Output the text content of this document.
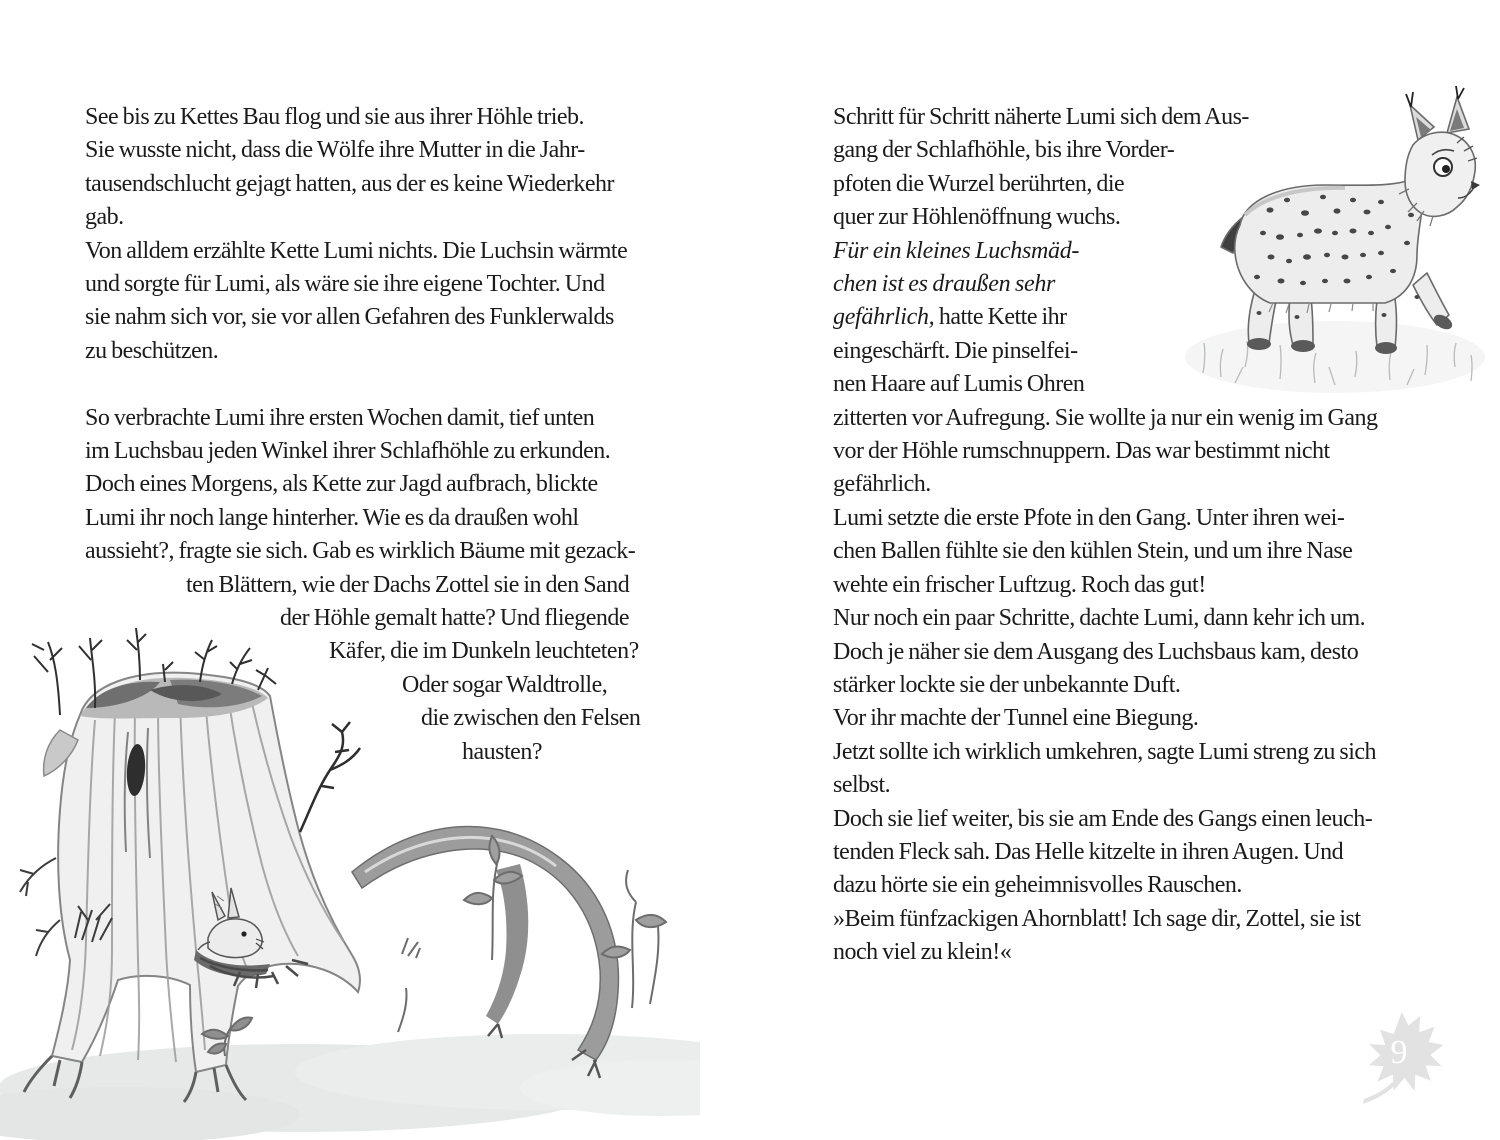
See bis zu Kettes Bau flog und sie aus ihrer Höhle trieb.
Sie wusste nicht, dass die Wölfe ihre Mutter in die Jahr-
tausendschlucht gejagt hatten, aus der es keine Wiederkehr
gab.
Von alldem erzählte Kette Lumi nichts. Die Luchsin wärmte
und sorgte für Lumi, als wäre sie ihre eigene Tochter. Und
sie nahm sich vor, sie vor allen Gefahren des Funklerwalds
zu beschützen.
So verbrachte Lumi ihre ersten Wochen damit, tief unten
im Luchsbau jeden Winkel ihrer Schlafhöhle zu erkunden.
Doch eines Morgens, als Kette zur Jagd aufbrach, blickte
Lumi ihr noch lange hinterher. Wie es da draußen wohl
aussieht?, fragte sie sich. Gab es wirklich Bäume mit gezack-
ten Blättern, wie der Dachs Zottel sie in den Sand
der Höhle gemalt hatte? Und fliegende
Käfer, die im Dunkeln leuchteten?
Oder sogar Waldtrolle,
die zwischen den Felsen
hausten?
Schritt für Schritt näherte Lumi sich dem Aus-
gang der Schlafhöhle, bis ihre Vorder-
pfoten die Wurzel berührten, die
quer zur Höhlenöffnung wuchs.
Für ein kleines Luchsmäd-
chen ist es draußen sehr
gefährlich, hatte Kette ihr
eingeschärft. Die pinselfei-
nen Haare auf Lumis Ohren
zitterten vor Aufregung. Sie wollte ja nur ein wenig im Gang
vor der Höhle rumschnuppern. Das war bestimmt nicht
gefährlich.
Lumi setzte die erste Pfote in den Gang. Unter ihren wei-
chen Ballen fühlte sie den kühlen Stein, und um ihre Nase
wehte ein frischer Luftzug. Roch das gut!
Nur noch ein paar Schritte, dachte Lumi, dann kehr ich um.
Doch je näher sie dem Ausgang des Luchsbaus kam, desto
stärker lockte sie der unbekannte Duft.
Vor ihr machte der Tunnel eine Biegung.
Jetzt sollte ich wirklich umkehren, sagte Lumi streng zu sich
selbst.
Doch sie lief weiter, bis sie am Ende des Gangs einen leuch-
tenden Fleck sah. Das Helle kitzelte in ihren Augen. Und
dazu hörte sie ein geheimnisvolles Rauschen.
»Beim fünfzackigen Ahornblatt! Ich sage dir, Zottel, sie ist
noch viel zu klein!«
9
